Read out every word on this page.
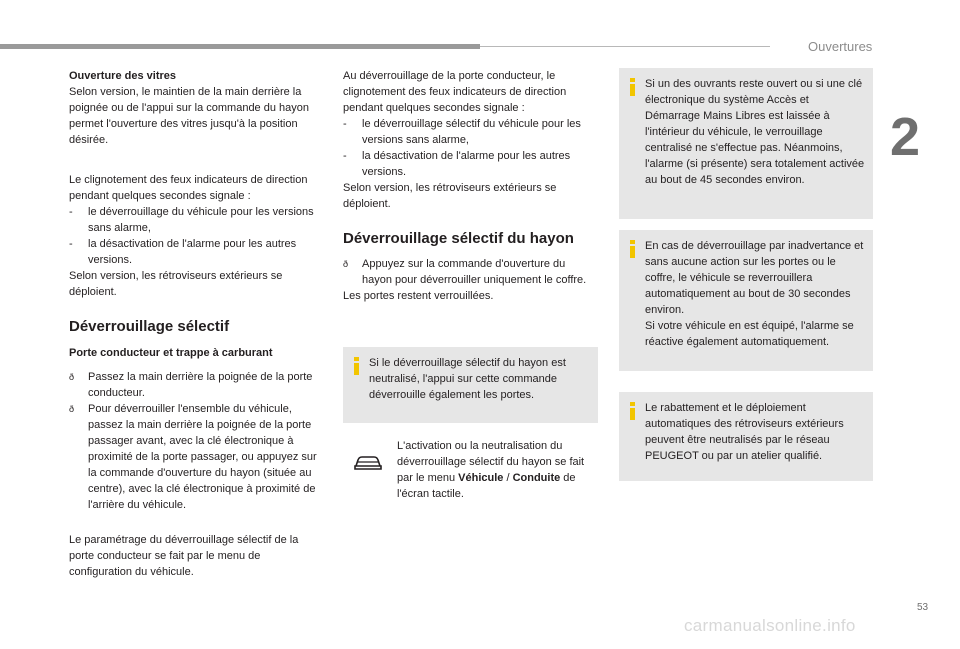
Ouvertures
2

Ouverture des vitres

Selon version, le maintien de la main derrière la poignée ou de l'appui sur la commande du hayon permet l'ouverture des vitres jusqu'à la position désirée.

Le clignotement des feux indicateurs de direction pendant quelques secondes signale :

- le déverrouillage du véhicule pour les versions sans alarme,
- la désactivation de l'alarme pour les autres versions.

Selon version, les rétroviseurs extérieurs se déploient.

Déverrouillage sélectif
Porte conducteur et trappe à carburant
ð Passez la main derrière la poignée de la porte conducteur.
ð Pour déverrouiller l'ensemble du véhicule, passez la main derrière la poignée de la porte passager avant, avec la clé électronique à proximité de la porte passager, ou appuyez sur la commande d'ouverture du hayon (située au centre), avec la clé électronique à proximité de l'arrière du véhicule.
Le paramétrage du déverrouillage sélectif de la porte conducteur se fait par le menu de configuration du véhicule.

Au déverrouillage de la porte conducteur, le clignotement des feux indicateurs de direction pendant quelques secondes signale :

- le déverrouillage sélectif du véhicule pour les versions sans alarme,
- la désactivation de l'alarme pour les autres versions.

Selon version, les rétroviseurs extérieurs se déploient.

Déverrouillage sélectif du hayon
ð Appuyez sur la commande d'ouverture du hayon pour déverrouiller uniquement le coffre.

Les portes restent verrouillées.

Si le déverrouillage sélectif du hayon est neutralisé, l'appui sur cette commande déverrouille également les portes.
L'activation ou la neutralisation du déverrouillage sélectif du hayon se fait par le menu Véhicule / Conduite de l'écran tactile.
Si un des ouvrants reste ouvert ou si une clé électronique du système Accès et Démarrage Mains Libres est laissée à l'intérieur du véhicule, le verrouillage centralisé ne s'effectue pas. Néanmoins, l'alarme (si présente) sera totalement activée au bout de 45 secondes environ.

En cas de déverrouillage par inadvertance et sans aucune action sur les portes ou le coffre, le véhicule se reverrouillera automatiquement au bout de 30 secondes environ.

Si votre véhicule en est équipé, l'alarme se réactive également automatiquement.

Le rabattement et le déploiement automatiques des rétroviseurs extérieurs peuvent être neutralisés par le réseau PEUGEOT ou par un atelier qualifié.
53
carmanualsonline.info
